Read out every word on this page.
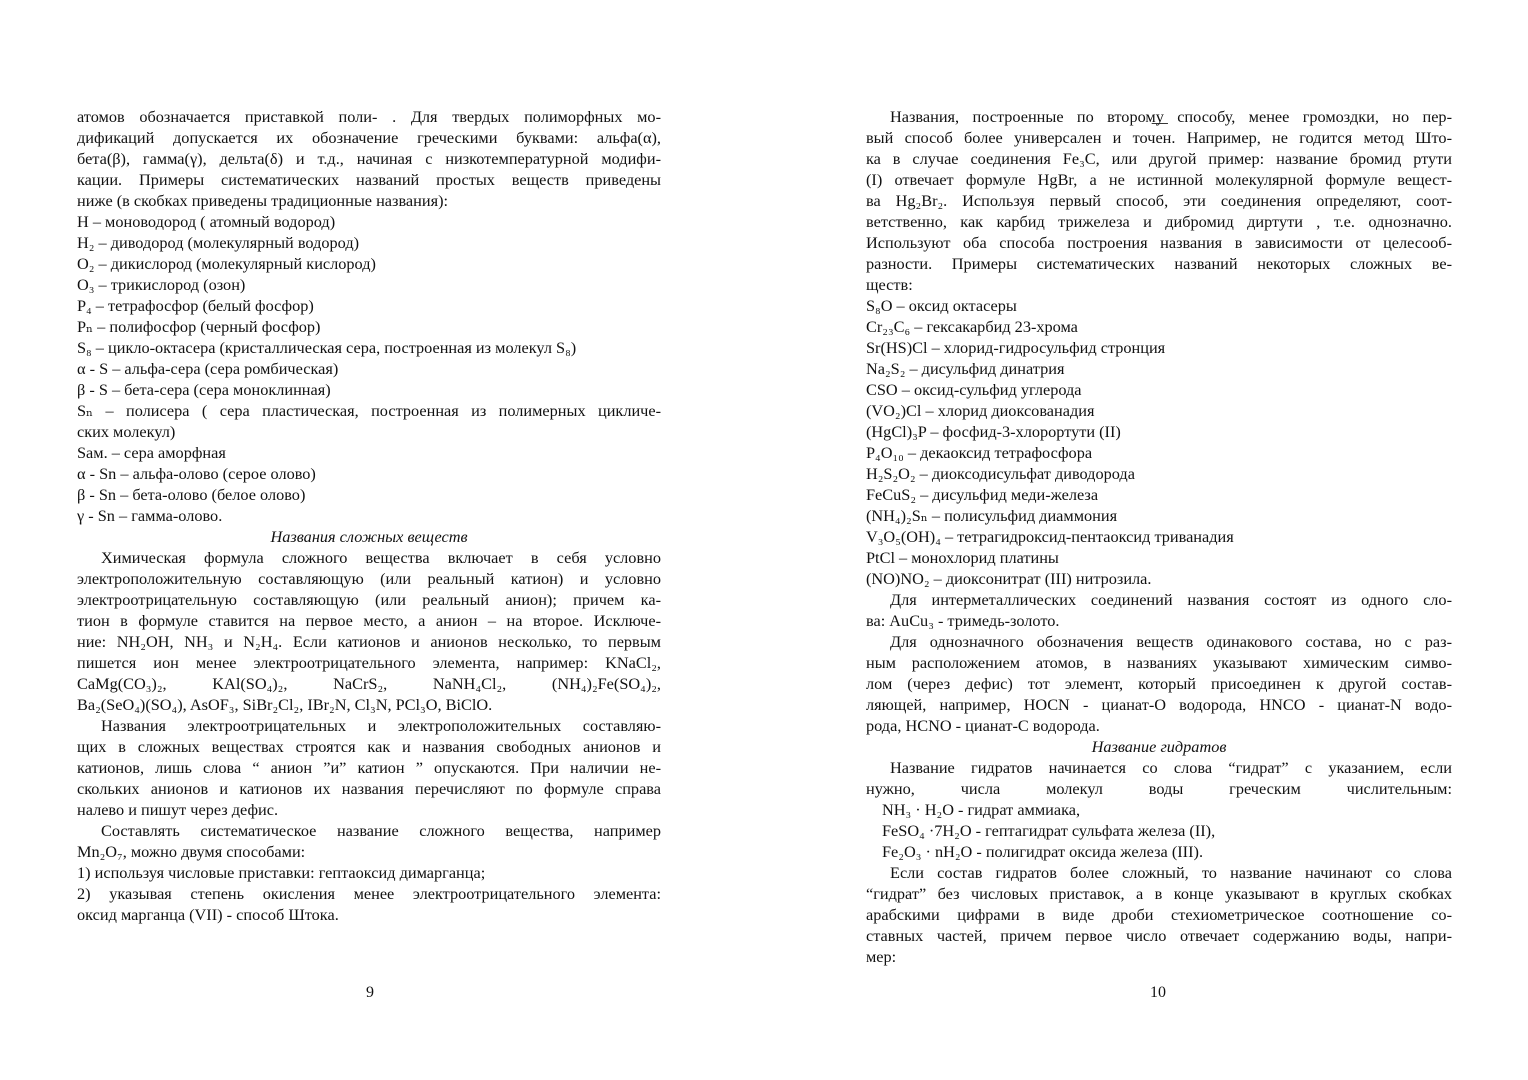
атомов обозначается приставкой поли- . Для твердых полиморфных мо-
дификаций допускается их обозначение греческими буквами: альфа(α),
бета(β), гамма(γ), дельта(δ) и т.д., начиная с низкотемпературной модифи-
кации. Примеры систематических названий простых веществ приведены
ниже (в скобках приведены традиционные названия):
H – моноводород ( атомный водород)
H₂ – диводород (молекулярный водород)
O₂ – дикислород (молекулярный кислород)
O₃ – трикислород (озон)
P₄ – тетрафосфор (белый фосфор)
Pₙ – полифосфор (черный фосфор)
S₈ – цикло-октасера (кристаллическая сера, построенная из молекул S₈)
α - S – альфа-сера (сера ромбическая)
β - S – бета-сера (сера моноклинная)
Sₙ – полисера ( сера пластическая, построенная из полимерных цикличе-
ских молекул)
Sам. – сера аморфная
α - Sn – альфа-олово (серое олово)
β - Sn – бета-олово (белое олово)
γ - Sn – гамма-олово.
Названия сложных веществ
Химическая формула сложного вещества включает в себя условно
электроположительную составляющую (или реальный катион) и условно
электроотрицательную составляющую (или реальный анион); причем ка-
тион в формуле ставится на первое место, а анион – на второе. Исключе-
ние: NH₂OH, NH₃ и N₂H₄. Если катионов и анионов несколько, то первым
пишется ион менее электроотрицательного элемента, например: KNaCl₂,
CaMg(CO₃)₂, KAl(SO₄)₂, NaCrS₂, NaNH₄Cl₂, (NH₄)₂Fe(SO₄)₂,
Ba₂(SeO₄)(SO₄), AsOF₃, SiBr₂Cl₂, IBr₂N, Cl₃N, PCl₃O, BiClO.
Названия электроотрицательных и электроположительных составляю-
щих в сложных веществах строятся как и названия свободных анионов и
катионов, лишь слова “ анион ”и” катион ” опускаются. При наличии не-
скольких анионов и катионов их названия перечисляют по формуле справа
налево и пишут через дефис.
Составлять систематическое название сложного вещества, например
Mn₂O₇, можно двумя способами:
1) используя числовые приставки: гептаоксид димарганца;
2) указывая степень окисления менее электроотрицательного элемента:
оксид марганца (VII) - способ Штока.
9
Названия, построенные по втором̲у̲ способу, менее громоздки, но пер-
вый способ более универсален и точен. Например, не годится метод Што-
ка в случае соединения Fe₃C, или другой пример: название бромид ртути
(I) отвечает формуле HgBr, а не истинной молекулярной формуле вещест-
ва Hg₂Br₂. Используя первый способ, эти соединения определяют, соот-
ветственно, как карбид трижелеза и дибромид диртути , т.е. однозначно.
Используют оба способа построения названия в зависимости от целесооб-
разности. Примеры систематических названий некоторых сложных ве-
ществ:
S₈O – оксид октасеры
Cr₂₃C₆ – гексакарбид 23-хрома
Sr(HS)Cl – хлорид-гидросульфид стронция
Na₂S₂ – дисульфид динатрия
CSO – оксид-сульфид углерода
(VO₂)Cl – хлорид диоксованадия
(HgCl)₃P – фосфид-3-хлорортути (II)
P₄O₁₀ – декаоксид тетрафосфора
H₂S₂O₂ – диоксодисульфат диводорода
FeCuS₂ – дисульфид меди-железа
(NH₄)₂Sₙ – полисульфид диаммония
V₃O₅(OH)₄ – тетрагидроксид-пентаоксид триванадия
PtCl – монохлорид платины
(NO)NO₂ – диоксонитрат (III) нитрозила.
Для интерметаллических соединений названия состоят из одного сло-
ва: AuCu₃ - тримедь-золото.
Для однозначного обозначения веществ одинакового состава, но с раз-
ным расположением атомов, в названиях указывают химическим симво-
лом (через дефис) тот элемент, который присоединен к другой состав-
ляющей, например, HOCN - цианат-O водорода, HNCO - цианат-N водо-
рода, HCNO - цианат-C водорода.
Название гидратов
Название гидратов начинается со слова “гидрат” с указанием, если
нужно, числа молекул воды греческим числительным:
NH₃ · H₂O - гидрат аммиака,
FeSO₄ ·7H₂O - гептагидрат сульфата железа (II),
Fe₂O₃ · nH₂O - полигидрат оксида железа (III).
Если состав гидратов более сложный, то название начинают со слова
“гидрат” без числовых приставок, а в конце указывают в круглых скобках
арабскими цифрами в виде дроби стехиометрическое соотношение со-
ставных частей, причем первое число отвечает содержанию воды, напри-
мер:
10
